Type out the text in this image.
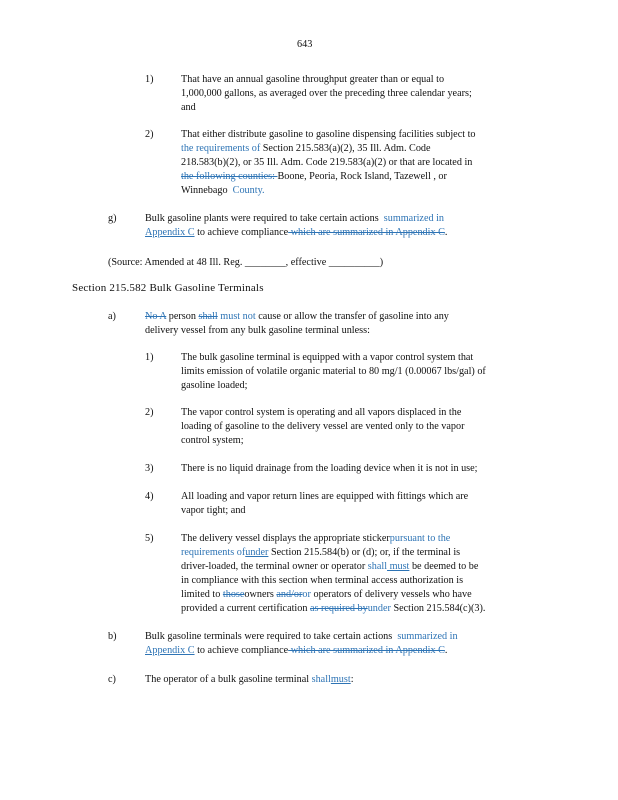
643
1)	That have an annual gasoline throughput greater than or equal to
1,000,000 gallons, as averaged over the preceding three calendar years;
and
2)	That either distribute gasoline to gasoline dispensing facilities subject to
the requirements of Section 215.583(a)(2), 35 Ill. Adm. Code
218.583(b)(2), or 35 Ill. Adm. Code 219.583(a)(2) or that are located in
the following counties: Boone, Peoria, Rock Island, Tazewell , or
Winnebago County.
g)	Bulk gasoline plants were required to take certain actions summarized in
Appendix C to achieve compliance which are summarized in Appendix C.
(Source: Amended at 48 Ill. Reg. ________, effective __________)
Section 215.582 Bulk Gasoline Terminals
a)	No A person shall must not cause or allow the transfer of gasoline into any
delivery vessel from any bulk gasoline terminal unless:
1)	The bulk gasoline terminal is equipped with a vapor control system that
limits emission of volatile organic material to 80 mg/1 (0.00067 lbs/gal) of
gasoline loaded;
2)	The vapor control system is operating and all vapors displaced in the
loading of gasoline to the delivery vessel are vented only to the vapor
control system;
3)	There is no liquid drainage from the loading device when it is not in use;
4)	All loading and vapor return lines are equipped with fittings which are
vapor tight; and
5)	The delivery vessel displays the appropriate stickerpursuant to the
requirements ofunder Section 215.584(b) or (d); or, if the terminal is
driver-loaded, the terminal owner or operator shall must be deemed to be
in compliance with this section when terminal access authorization is
limited to thoseowners and/oror operators of delivery vessels who have
provided a current certification as required byunder Section 215.584(c)(3).
b)	Bulk gasoline terminals were required to take certain actions summarized in
Appendix C to achieve compliance which are summarized in Appendix C.
c)	The operator of a bulk gasoline terminal shallmust:
